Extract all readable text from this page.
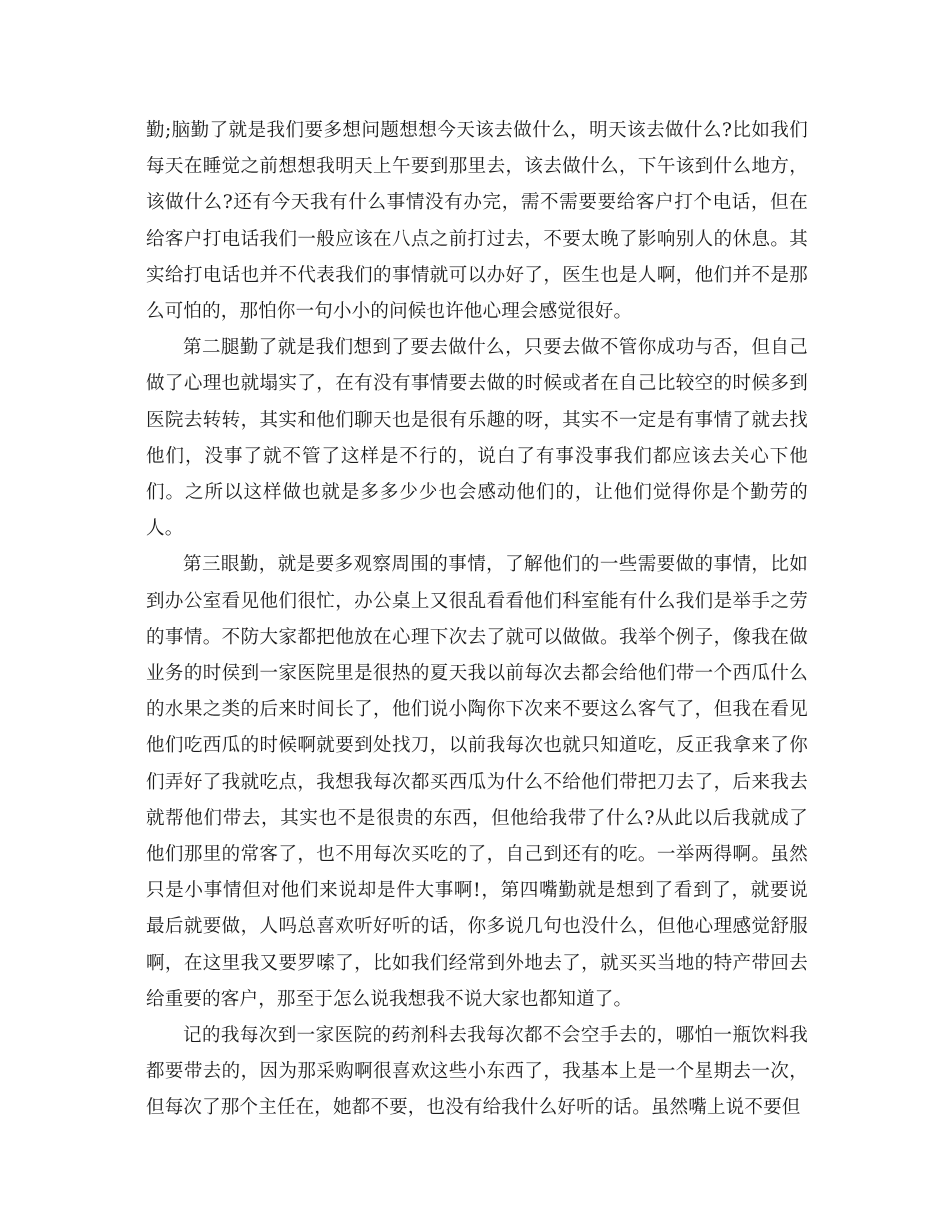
勤;脑勤了就是我们要多想问题想想今天该去做什么，明天该去做什么?比如我们每天在睡觉之前想想我明天上午要到那里去，该去做什么，下午该到什么地方，该做什么?还有今天我有什么事情没有办完，需不需要要给客户打个电话，但在给客户打电话我们一般应该在八点之前打过去，不要太晚了影响别人的休息。其实给打电话也并不代表我们的事情就可以办好了，医生也是人啊，他们并不是那么可怕的，那怕你一句小小的问候也许他心理会感觉很好。

第二腿勤了就是我们想到了要去做什么，只要去做不管你成功与否，但自己做了心理也就塌实了，在有没有事情要去做的时候或者在自己比较空的时候多到医院去转转，其实和他们聊天也是很有乐趣的呀，其实不一定是有事情了就去找他们，没事了就不管了这样是不行的，说白了有事没事我们都应该去关心下他们。之所以这样做也就是多多少少也会感动他们的，让他们觉得你是个勤劳的人。

第三眼勤，就是要多观察周围的事情，了解他们的一些需要做的事情，比如到办公室看见他们很忙，办公桌上又很乱看看他们科室能有什么我们是举手之劳的事情。不防大家都把他放在心理下次去了就可以做做。我举个例子，像我在做业务的时侯到一家医院里是很热的夏天我以前每次去都会给他们带一个西瓜什么的水果之类的后来时间长了，他们说小陶你下次来不要这么客气了，但我在看见他们吃西瓜的时候啊就要到处找刀，以前我每次也就只知道吃，反正我拿来了你们弄好了我就吃点，我想我每次都买西瓜为什么不给他们带把刀去了，后来我去就帮他们带去，其实也不是很贵的东西，但他给我带了什么?从此以后我就成了他们那里的常客了，也不用每次买吃的了，自己到还有的吃。一举两得啊。虽然只是小事情但对他们来说却是件大事啊!，第四嘴勤就是想到了看到了，就要说最后就要做，人吗总喜欢听好听的话，你多说几句也没什么，但他心理感觉舒服啊，在这里我又要罗嗦了，比如我们经常到外地去了，就买买当地的特产带回去 给重要的客户，那至于怎么说我想我不说大家也都知道了。

记的我每次到一家医院的药剂科去我每次都不会空手去的，哪怕一瓶饮料我都要带去的，因为那采购啊很喜欢这些小东西了，我基本上是一个星期去一次，但每次了那个主任在，她都不要，也没有给我什么好听的话。虽然嘴上说不要但
